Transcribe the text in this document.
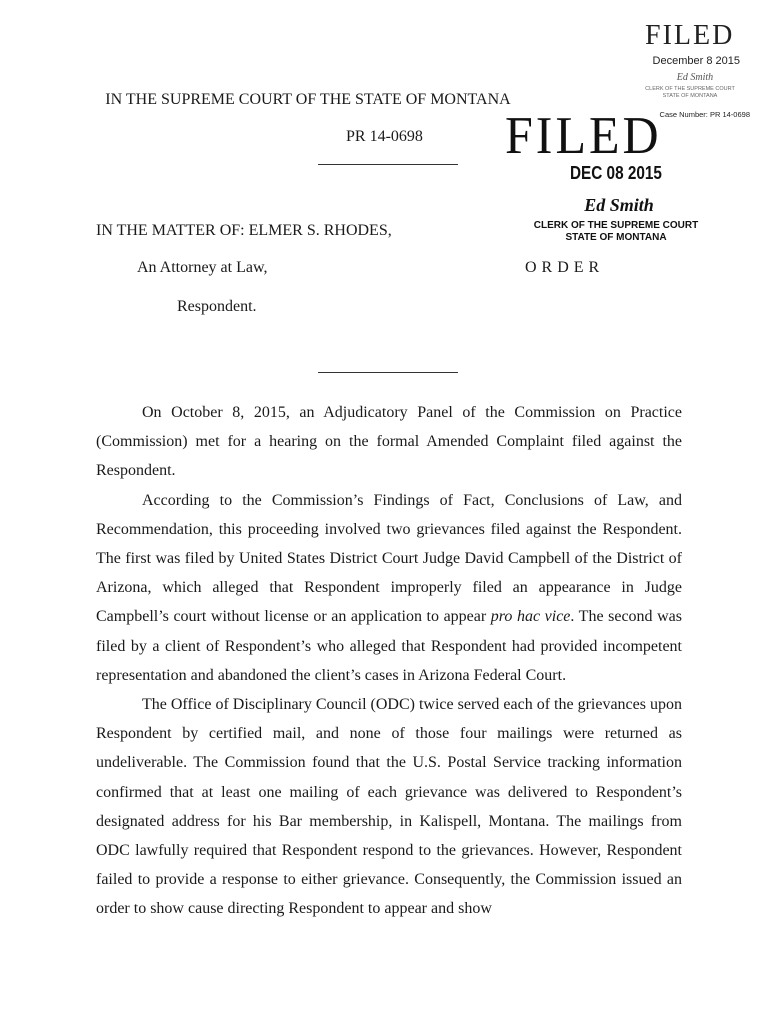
FILED
December 8 2015
Ed Smith
CLERK OF THE SUPREME COURT
STATE OF MONTANA
Case Number: PR 14-0698
IN THE SUPREME COURT OF THE STATE OF MONTANA
PR 14-0698 FILED
DEC 08 2015
Ed Smith
CLERK OF THE SUPREME COURT
STATE OF MONTANA
IN THE MATTER OF: ELMER S. RHODES,
An Attorney at Law,
Respondent.
ORDER

On October 8, 2015, an Adjudicatory Panel of the Commission on Practice (Commission) met for a hearing on the formal Amended Complaint filed against the Respondent.

According to the Commission’s Findings of Fact, Conclusions of Law, and Recommendation, this proceeding involved two grievances filed against the Respondent. The first was filed by United States District Court Judge David Campbell of the District of Arizona, which alleged that Respondent improperly filed an appearance in Judge Campbell’s court without license or an application to appear pro hac vice. The second was filed by a client of Respondent’s who alleged that Respondent had provided incompetent representation and abandoned the client’s cases in Arizona Federal Court.

The Office of Disciplinary Council (ODC) twice served each of the grievances upon Respondent by certified mail, and none of those four mailings were returned as undeliverable. The Commission found that the U.S. Postal Service tracking information confirmed that at least one mailing of each grievance was delivered to Respondent’s designated address for his Bar membership, in Kalispell, Montana. The mailings from ODC lawfully required that Respondent respond to the grievances. However, Respondent failed to provide a response to either grievance. Consequently, the Commission issued an order to show cause directing Respondent to appear and show
